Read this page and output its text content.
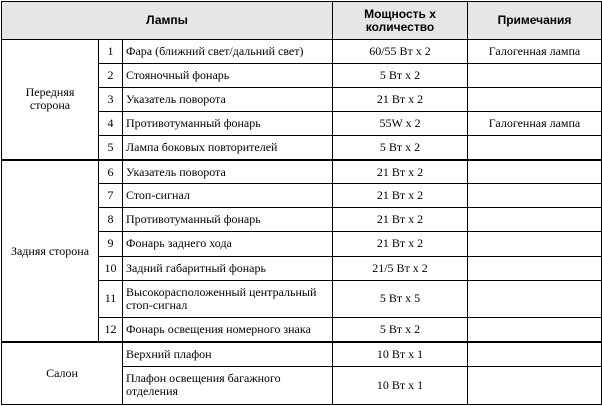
Лампы			Мощность х количество	Примечания
Передняя сторона	1	Фара (ближний свет/дальний свет)	60/55 Вт х 2	Галогенная лампа
	2	Стояночный фонарь	5 Вт х 2	
	3	Указатель поворота	21 Вт х 2	
	4	Противотуманный фонарь	55W х 2	Галогенная лампа
	5	Лампа боковых повторителей	5 Вт х 2	
Задняя сторона	6	Указатель поворота	21 Вт х 2	
	7	Стоп-сигнал	21 Вт х 2	
	8	Противотуманный фонарь	21 Вт х 2	
	9	Фонарь заднего хода	21 Вт х 2	
	10	Задний габаритный фонарь	21/5 Вт х 2	
	11	Высокорасположенный центральный стоп-сигнал	5 Вт х 5	
	12	Фонарь освещения номерного знака	5 Вт х 2	
Салон		Верхний плафон	10 Вт х 1	
		Плафон освещения багажного отделения	10 Вт х 1	
